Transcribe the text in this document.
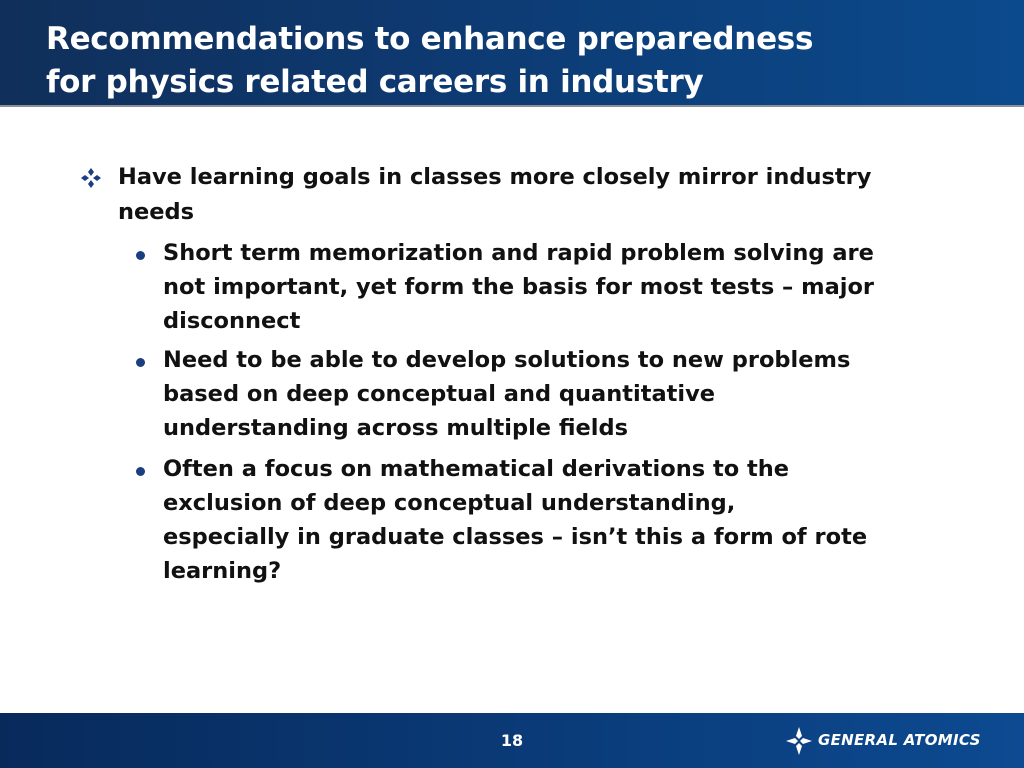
Recommendations to enhance preparedness
for physics related careers in industry
Have learning goals in classes more closely mirror industry
needs
Short term memorization and rapid problem solving are
not important, yet form the basis for most tests – major
disconnect
Need to be able to develop solutions to new problems
based on deep conceptual and quantitative
understanding across multiple fields
Often a focus on mathematical derivations to the
exclusion of deep conceptual understanding,
especially in graduate classes – isn’t this a form of rote
learning?
18	GENERAL ATOMICS
